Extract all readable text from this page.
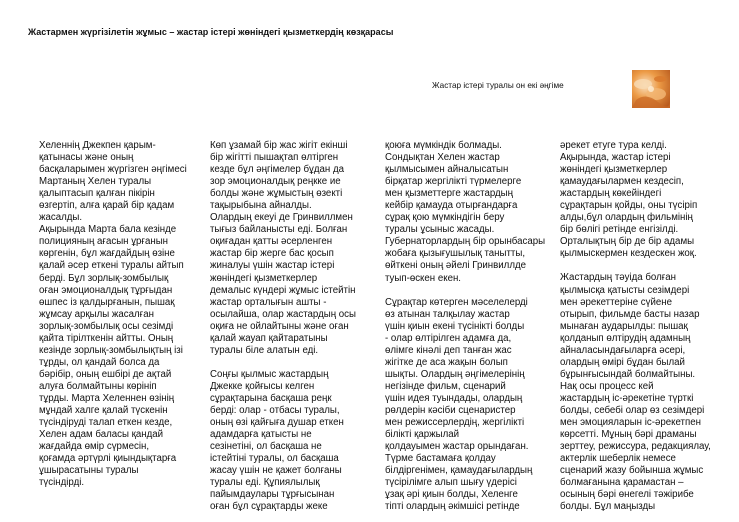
Жастармен жүргізілетін жұмыс – жастар істері жөніндегі қызметкердің көзқарасы
Жастар істері туралы он екі әңгіме
Хеленнің Джекпен қарым-
қатынасы және оның
басқаларымен жүргізген әңгімесі
Мартаның Хелен туралы
қалыптасып қалған пікірін
өзгертіп, алға қарай бір қадам
жасалды.
Ақырында Марта бала кезінде
полицияның ағасын ұрғанын
көргенін, бұл жағдайдың өзіне
қалай әсер еткені туралы айтып
берді. Бұл зорлық-зомбылық
оған эмоционалдық тұрғыдан
өшпес із қалдырғанын, пышақ
жұмсау арқылы жасалған
зорлық-зомбылық осы сезімді
қайта тірілткенін айтты. Оның
кезінде зорлық-зомбылықтың ізі
тұрды, ол қандай болса да
бәрібір, оның ешбірі де ақтай
алуға болмайтыны көрініп
тұрды. Марта Хеленнен өзінің
мұндай халге қалай түскенін
түсіндіруді талап еткен кезде,
Хелен адам баласы қандай
жағдайда өмір сүрмесін,
қоғамда әртүрлі қиындықтарға
ұшырасатыны туралы
түсіндірді.
Көп ұзамай бір жас жігіт екінші
бір жігітті пышақтап өлтірген
кезде бұл әңгімелер бұдан да
зор эмоционалдық реңкке ие
болды және жұмыстың өзекті
тақырыбына айналды.
Олардың екеуі де Гринвиллмен
тығыз байланысты еді. Болған
оқиғадан қатты әсерленген
жастар бір жерге бас қосып
жиналуы үшін жастар істері
жөніндегі қызметкерлер
демалыс күндері жұмыс істейтін
жастар орталығын ашты -
осылайша, олар жастардың осы
оқиға не ойлайтыны және оған
қалай жауап қайтаратыны
туралы біле алатын еді.
Соңғы қылмыс жастардың
Джекке қойғысы келген
сұрақтарына басқаша реңк
берді: олар - отбасы туралы,
оның өзі қайғыға душар еткен
адамдарға қатысты не
сезінетіні, ол басқаша не
істейтіні туралы, ол басқаша
жасау үшін не қажет болғаны
туралы еді. Құпиялылық
пайымдаулары тұрғысынан
оған бұл сұрақтарды жеке
қоюға мүмкіндік болмады.
Сондықтан Хелен жастар
қылмысымен айналысатын
бірқатар жергілікті түрмелерге
мен қызметтерге жастардың
кейбір қамауда отырғандарға
сұрақ қою мүмкіндігін беру
туралы ұсыныс жасады.
Губернаторлардың бір орынбасары
жобаға қызығушылық танытты,
өйткені оның әйелі Гринвиллде
туып-өскен екен.
Сұрақтар көтерген мәселелерді
өз атынан талқылау жастар
үшін қиын екені түсінікті болды
- олар өлтірілген адамға да,
өлімге кінәлі деп танған жас
жігітке де аса жақын болып
шықты. Олардың әңгімелерінің
негізінде фильм, сценарий
үшін идея туындады, олардың
рөлдерін кәсіби сценаристер
мен режиссерлердің, жергілікті
білікті қаржылай
қолдауымен жастар орындаған.
Түрме бастамаға қолдау
білдіргенімен, қамаудағылардың
түсірілімге алып шығу үдерісі
ұзақ әрі қиын болды, Хеленге
тіпті олардың әкімшісі ретінде
әрекет етуге тура келді.
Ақырында, жастар істері
жөніндегі қызметкерлер
қамаудағылармен кездесіп,
жастардың көкейіндегі
сұрақтарын қойды, оны түсіріп
алды,бұл олардың фильмінің
бір бөлігі ретінде енгізілді.
Орталықтың бір де бір адамы
қылмыскермен кездескен жоқ.
Жастардың тәуіда болған
қылмысқа қатысты сезімдері
мен әрекеттеріне сүйене
отырып, фильмде басты назар
мынаған аударылды: пышақ
қолданып өлтірудің адамның
айналасындағыларға әсері,
олардың өмірі бұдан былай
бұрынғысындай болмайтыны.
Нақ осы процесс кей
жастардың іс-әрекетіне түрткі
болды, себебі олар өз сезімдері
мен эмоцияларын іс-әрекетпен
көрсетті. Мұның бәрі драманы
зерттеу, режиссура, редакциялау,
актерлік шеберлік немесе
сценарий жазу бойынша жұмыс
болмағанына қарамастан –
осының бәрі өнегелі тәжірибе
болды. Бұл маңызды
